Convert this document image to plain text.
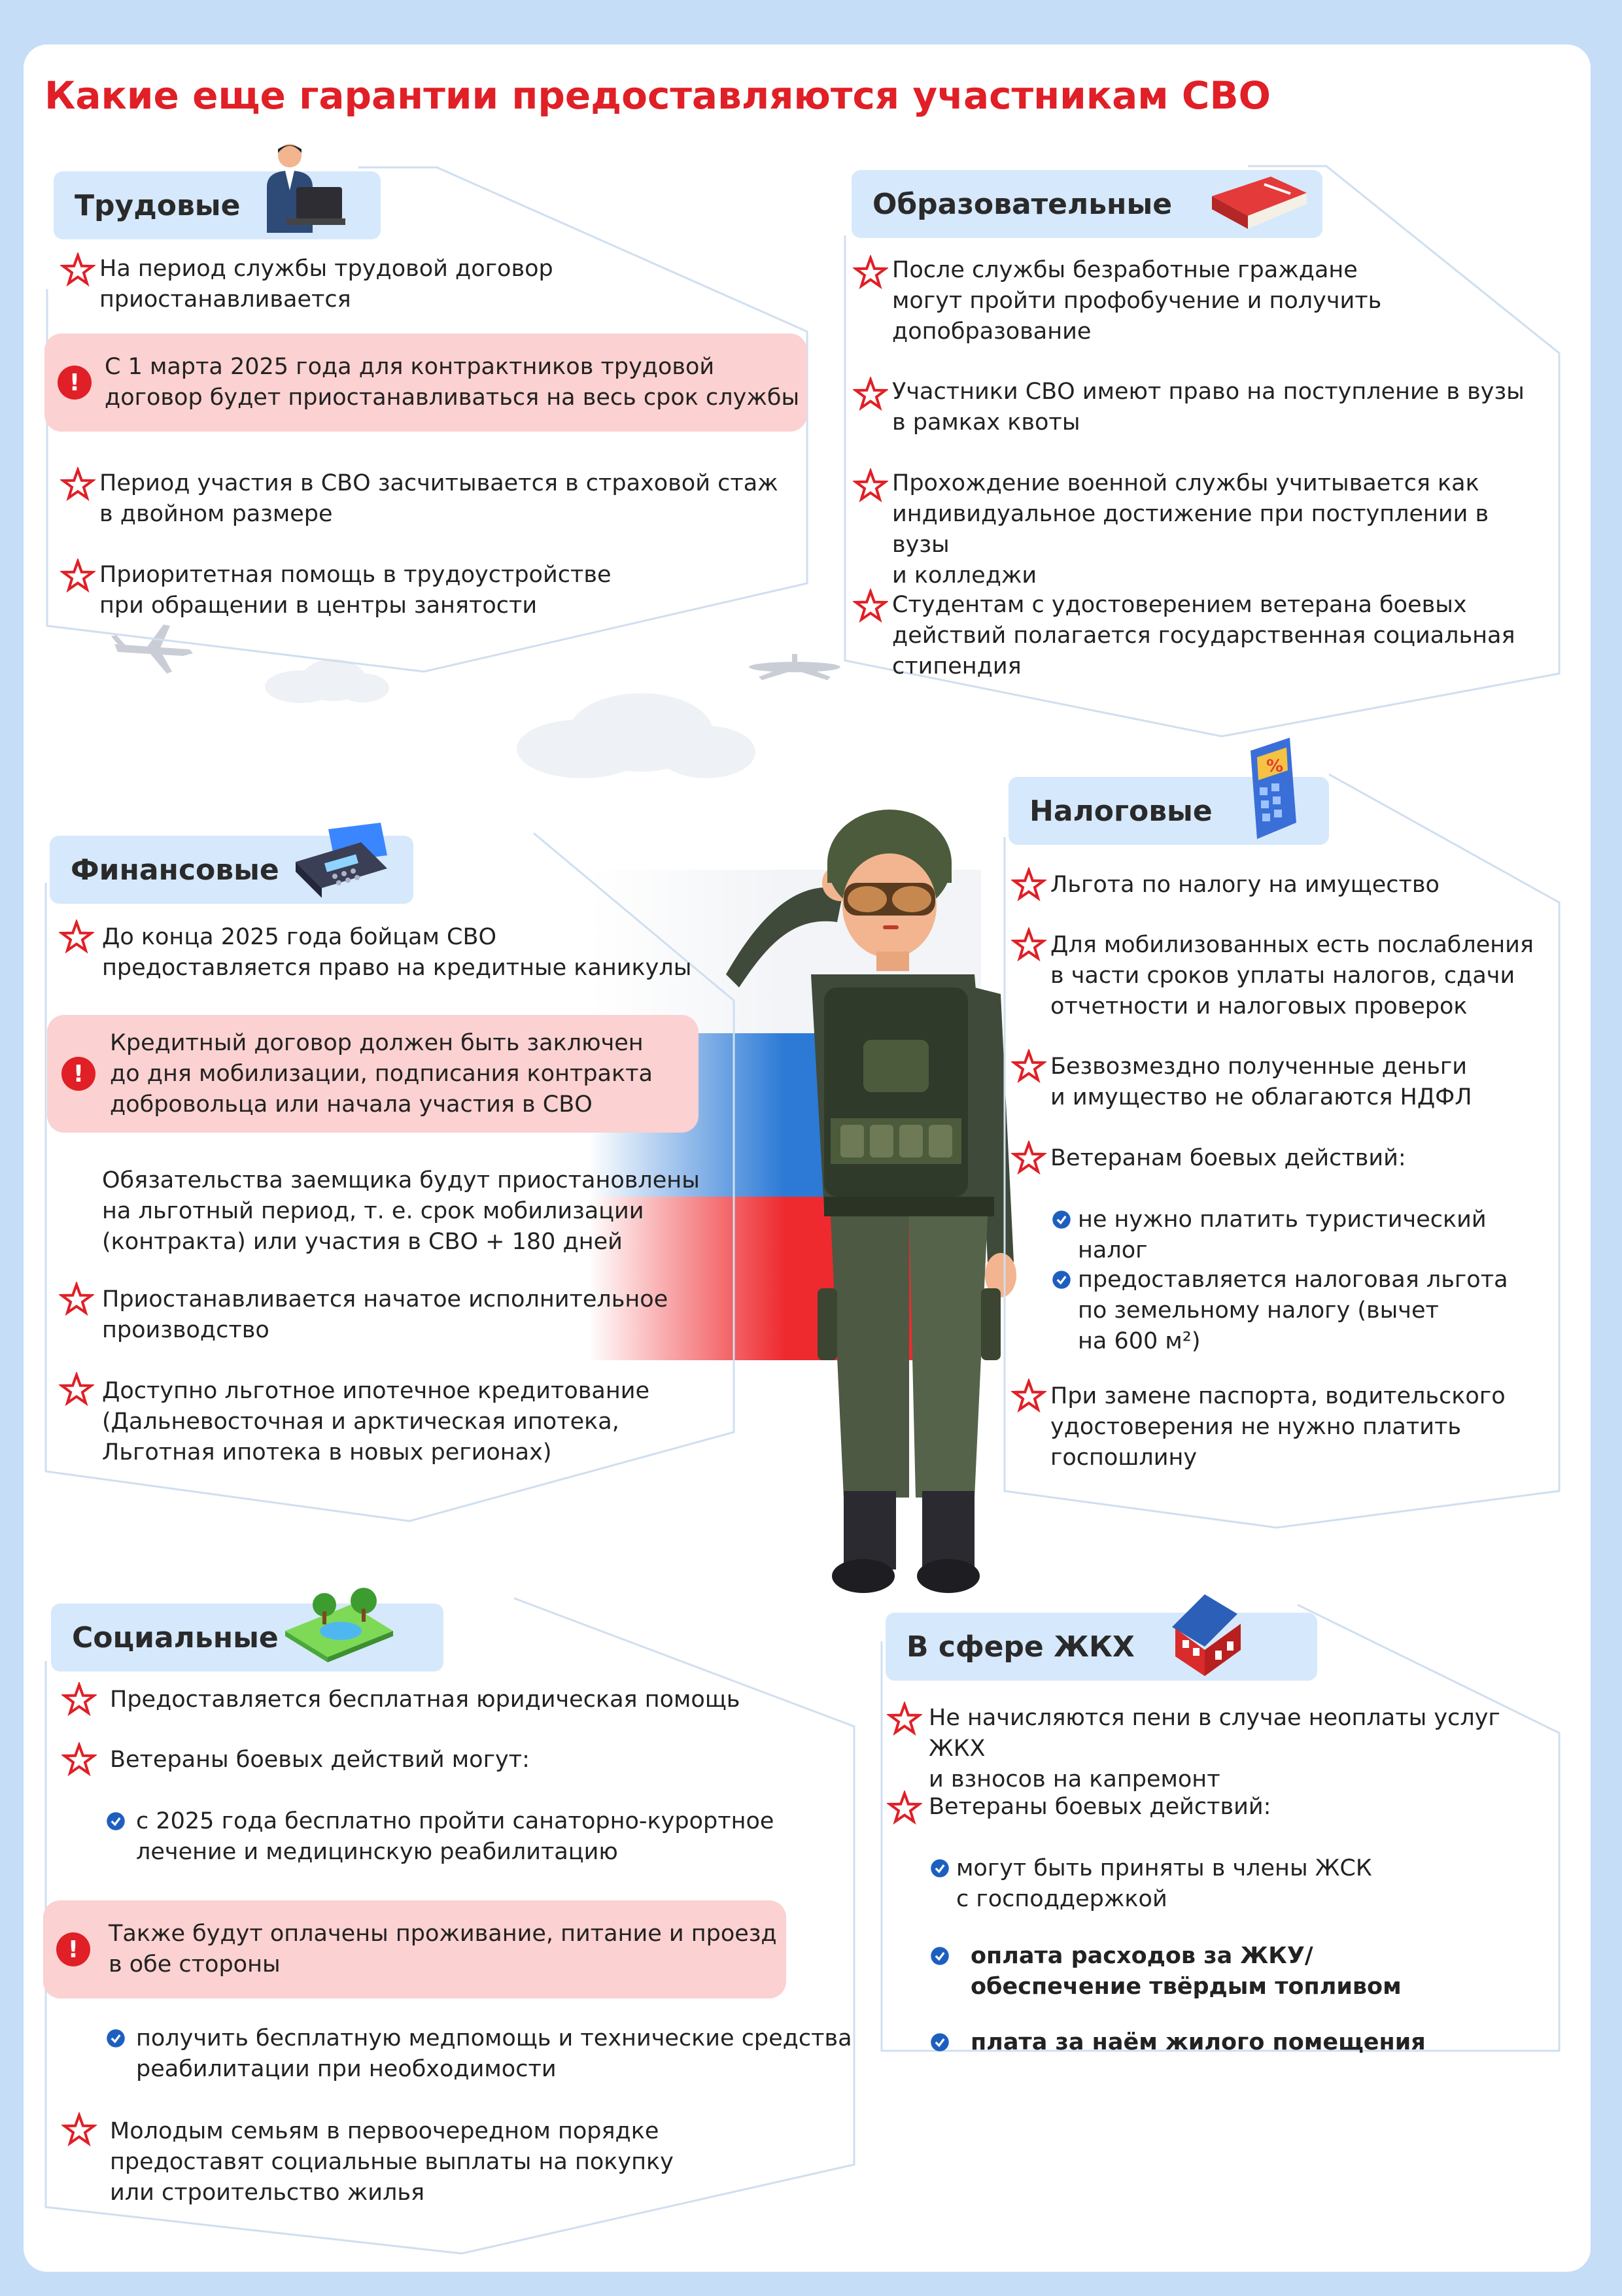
Какие еще гарантии предоставляются участникам СВО
Трудовые
На период службы трудовой договор
приостанавливается
!
С 1 марта 2025 года для контрактников трудовой
договор будет приостанавливаться на весь срок службы
Период участия в СВО засчитывается в страховой стаж
в двойном размере
Приоритетная помощь в трудоустройстве
при обращении в центры занятости
Образовательные
После службы безработные граждане
могут пройти профобучение и получить
допобразование
Участники СВО имеют право на поступление в вузы
в рамках квоты
Прохождение военной службы учитывается как
индивидуальное достижение при поступлении в вузы
и колледжи
Студентам с удостоверением ветерана боевых
действий полагается государственная социальная
стипендия
Финансовые
До конца 2025 года бойцам СВО
предоставляется право на кредитные каникулы
!
Кредитный договор должен быть заключен
до дня мобилизации, подписания контракта
добровольца или начала участия в СВО
Обязательства заемщика будут приостановлены
на льготный период, т. е. срок мобилизации
(контракта) или участия в СВО + 180 дней
Приостанавливается начатое исполнительное
производство
Доступно льготное ипотечное кредитование
(Дальневосточная и арктическая ипотека,
Льготная ипотека в новых регионах)
Налоговые
%
Льгота по налогу на имущество
Для мобилизованных есть послабления
в части сроков уплаты налогов, сдачи
отчетности и налоговых проверок
Безвозмездно полученные деньги
и имущество не облагаются НДФЛ
Ветеранам боевых действий:
не нужно платить туристический налог
предоставляется налоговая льгота
по земельному налогу (вычет
на 600 м²)
При замене паспорта, водительского
удостоверения не нужно платить
госпошлину
Социальные
Предоставляется бесплатная юридическая помощь
Ветераны боевых действий могут:
с 2025 года бесплатно пройти санаторно-курортное
лечение и медицинскую реабилитацию
!
Также будут оплачены проживание, питание и проезд
в обе стороны
получить бесплатную медпомощь и технические средства
реабилитации при необходимости
Молодым семьям в первоочередном порядке
предоставят социальные выплаты на покупку
или строительство жилья
В сфере ЖКХ
Не начисляются пени в случае неоплаты услуг ЖКХ
и взносов на капремонт
Ветераны боевых действий:
могут быть приняты в члены ЖСК
с господдержкой
оплата расходов за ЖКУ/
обеспечение твёрдым топливом
плата за наём жилого помещения
